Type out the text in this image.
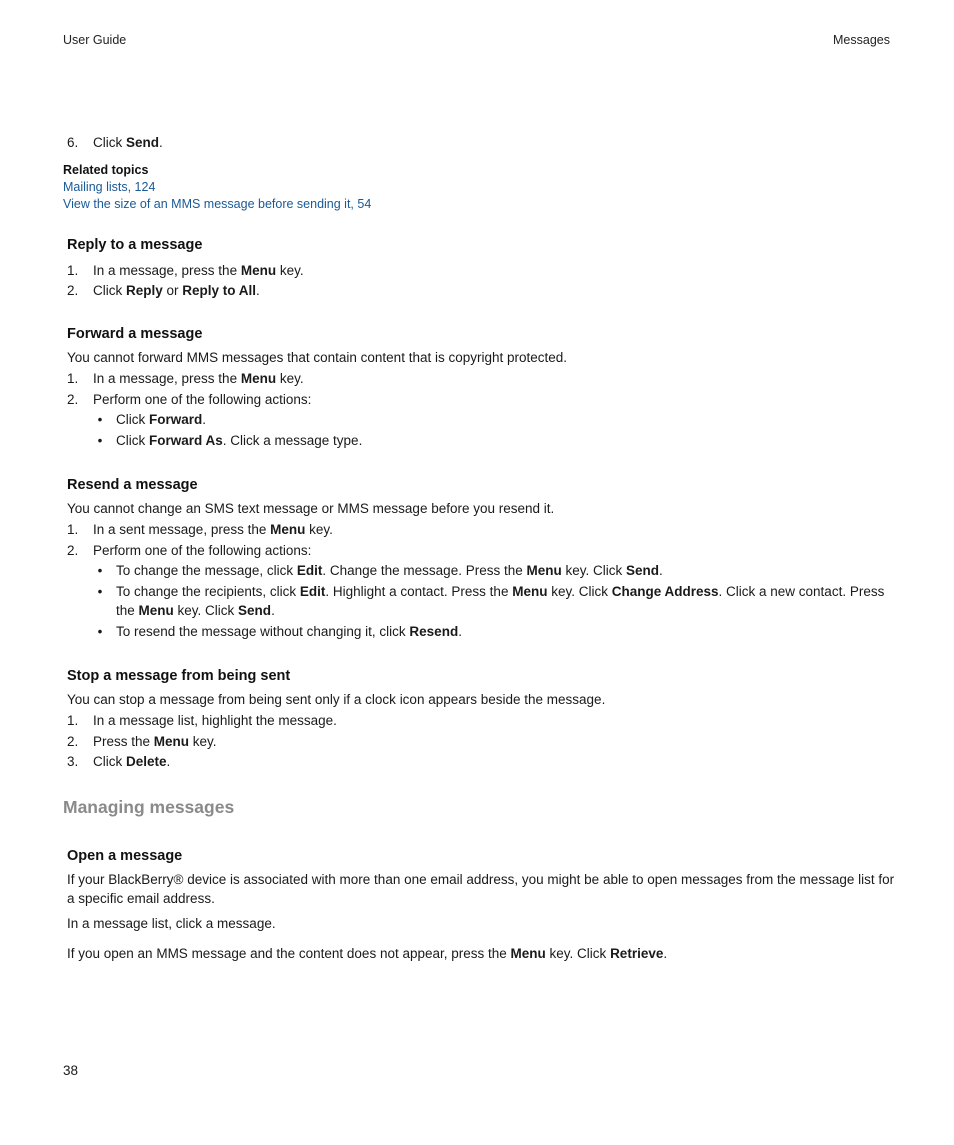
User Guide	Messages
6. Click Send.
Related topics
Mailing lists, 124
View the size of an MMS message before sending it, 54
Reply to a message
1. In a message, press the Menu key.
2. Click Reply or Reply to All.
Forward a message
You cannot forward MMS messages that contain content that is copyright protected.
1. In a message, press the Menu key.
2. Perform one of the following actions:
• Click Forward.
• Click Forward As. Click a message type.
Resend a message
You cannot change an SMS text message or MMS message before you resend it.
1. In a sent message, press the Menu key.
2. Perform one of the following actions:
• To change the message, click Edit. Change the message. Press the Menu key. Click Send.
• To change the recipients, click Edit. Highlight a contact. Press the Menu key. Click Change Address. Click a new contact. Press
the Menu key. Click Send.
• To resend the message without changing it, click Resend.
Stop a message from being sent
You can stop a message from being sent only if a clock icon appears beside the message.
1. In a message list, highlight the message.
2. Press the Menu key.
3. Click Delete.
Managing messages
Open a message
If your BlackBerry® device is associated with more than one email address, you might be able to open messages from the message list for
a specific email address.
In a message list, click a message.
If you open an MMS message and the content does not appear, press the Menu key. Click Retrieve.
38
